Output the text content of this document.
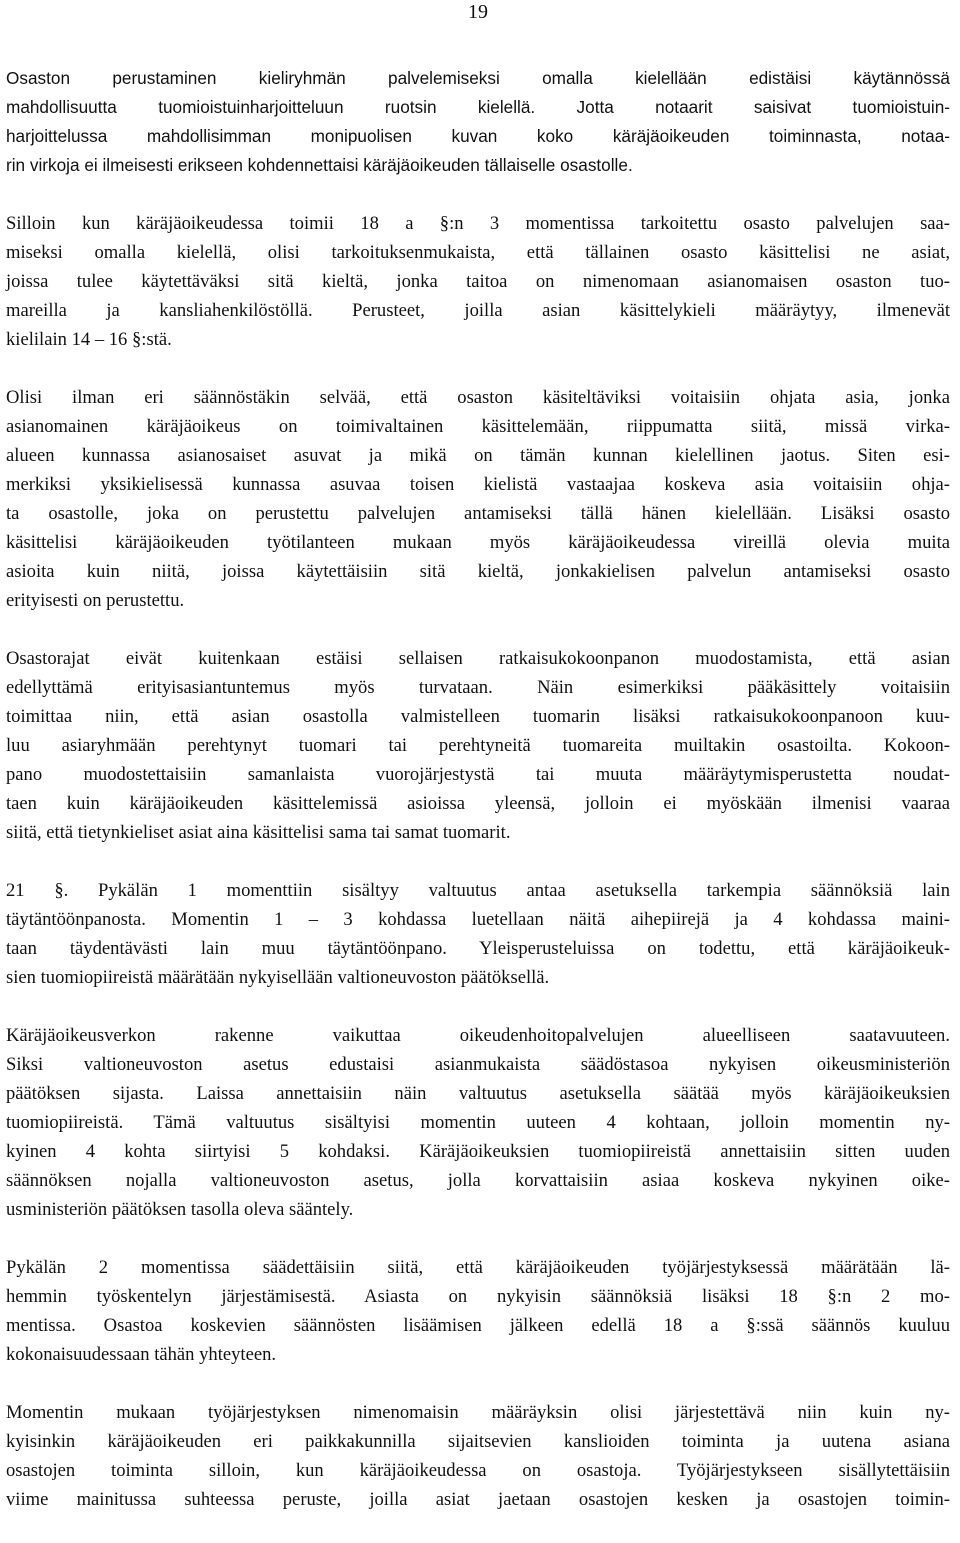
19
Osaston perustaminen kieliryhmän palvelemiseksi omalla kielellään edistäisi käytännössä
mahdollisuutta tuomioistuinharjoitteluun ruotsin kielellä. Jotta notaarit saisivat tuomioistuin-
harjoittelussa mahdollisimman monipuolisen kuvan koko käräjäoikeuden toiminnasta, notaa-
rin virkoja ei ilmeisesti erikseen kohdennettaisi käräjäoikeuden tällaiselle osastolle.
Silloin kun käräjäoikeudessa toimii 18 a §:n 3 momentissa tarkoitettu osasto palvelujen saa-
miseksi omalla kielellä, olisi tarkoituksenmukaista, että tällainen osasto käsittelisi ne asiat,
joissa tulee käytettäväksi sitä kieltä, jonka taitoa on nimenomaan asianomaisen osaston tuo-
mareilla ja kansliahenkilöstöllä. Perusteet, joilla asian käsittelykieli määräytyy, ilmenevät
kielilain 14 – 16 §:stä.
Olisi ilman eri säännöstäkin selvää, että osaston käsiteltäviksi voitaisiin ohjata asia, jonka
asianomainen käräjäoikeus on toimivaltainen käsittelemään, riippumatta siitä, missä virka-
alueen kunnassa asianosaiset asuvat ja mikä on tämän kunnan kielellinen jaotus. Siten esi-
merkiksi yksikielisessä kunnassa asuvaa toisen kielistä vastaajaa koskeva asia voitaisiin ohja-
ta osastolle, joka on perustettu palvelujen antamiseksi tällä hänen kielellään. Lisäksi osasto
käsittelisi käräjäoikeuden työtilanteen mukaan myös käräjäoikeudessa vireillä olevia muita
asioita kuin niitä, joissa käytettäisiin sitä kieltä, jonkakielisen palvelun antamiseksi osasto
erityisesti on perustettu.
Osastorajat eivät kuitenkaan estäisi sellaisen ratkaisukokoonpanon muodostamista, että asian
edellyttämä erityisasiantuntemus myös turvataan. Näin esimerkiksi pääkäsittely voitaisiin
toimittaa niin, että asian osastolla valmistelleen tuomarin lisäksi ratkaisukokoonpanoon kuu-
luu asiaryhmään perehtynyt tuomari tai perehtyneitä tuomareita muiltakin osastoilta. Kokoon-
pano muodostettaisiin samanlaista vuorojärjestystä tai muuta määräytymisperustetta noudat-
taen kuin käräjäoikeuden käsittelemissä asioissa yleensä, jolloin ei myöskään ilmenisi vaaraa
siitä, että tietynkieliset asiat aina käsittelisi sama tai samat tuomarit.
21 §. Pykälän 1 momenttiin sisältyy valtuutus antaa asetuksella tarkempia säännöksiä lain
täytäntöönpanosta. Momentin 1 – 3 kohdassa luetellaan näitä aihepiirejä ja 4 kohdassa maini-
taan täydentävästi lain muu täytäntöönpano. Yleisperusteluissa on todettu, että käräjäoikeuk-
sien tuomiopiireistä määrätään nykyisellään valtioneuvoston päätöksellä.
Käräjäoikeusverkon rakenne vaikuttaa oikeudenhoitopalvelujen alueelliseen saatavuuteen.
Siksi valtioneuvoston asetus edustaisi asianmukaista säädöstasoa nykyisen oikeusministeriön
päätöksen sijasta. Laissa annettaisiin näin valtuutus asetuksella säätää myös käräjäoikeuksien
tuomiopiireistä. Tämä valtuutus sisältyisi momentin uuteen 4 kohtaan, jolloin momentin ny-
kyinen 4 kohta siirtyisi 5 kohdaksi. Käräjäoikeuksien tuomiopiireistä annettaisiin sitten uuden
säännöksen nojalla valtioneuvoston asetus, jolla korvattaisiin asiaa koskeva nykyinen oike-
usministeriön päätöksen tasolla oleva sääntely.
Pykälän 2 momentissa säädettäisiin siitä, että käräjäoikeuden työjärjestyksessä määrätään lä-
hemmin työskentelyn järjestämisestä. Asiasta on nykyisin säännöksiä lisäksi 18 §:n 2 mo-
mentissa. Osastoa koskevien säännösten lisäämisen jälkeen edellä 18 a §:ssä säännös kuuluu
kokonaisuudessaan tähän yhteyteen.
Momentin mukaan työjärjestyksen nimenomaisin määräyksin olisi järjestettävä niin kuin ny-
kyisinkin käräjäoikeuden eri paikkakunnilla sijaitsevien kanslioiden toiminta ja uutena asiana
osastojen toiminta silloin, kun käräjäoikeudessa on osastoja. Työjärjestykseen sisällytettäisiin
viime mainitussa suhteessa peruste, joilla asiat jaetaan osastojen kesken ja osastojen toimin-
